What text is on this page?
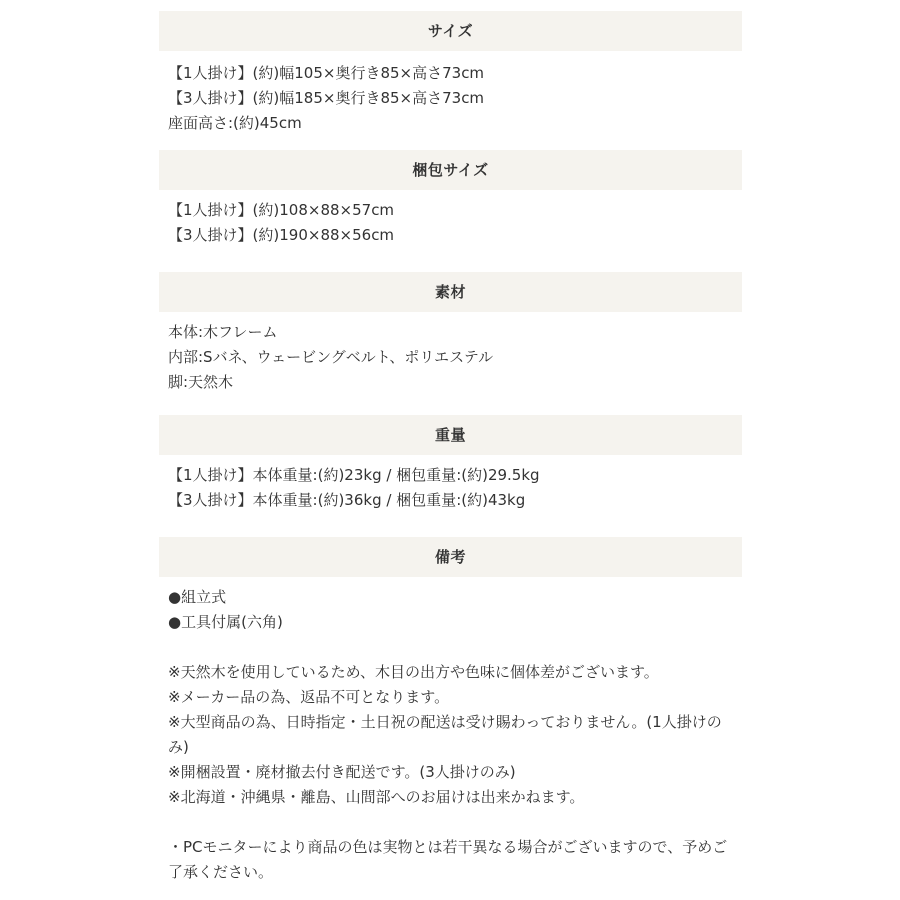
サイズ
【1人掛け】(約)幅105×奥行き85×高さ73cm
【3人掛け】(約)幅185×奥行き85×高さ73cm
座面高さ:(約)45cm
梱包サイズ
【1人掛け】(約)108×88×57cm
【3人掛け】(約)190×88×56cm
素材
本体:木フレーム
内部:Sバネ、ウェービングベルト、ポリエステル
脚:天然木
重量
【1人掛け】本体重量:(約)23kg / 梱包重量:(約)29.5kg
【3人掛け】本体重量:(約)36kg / 梱包重量:(約)43kg
備考
●組立式
●工具付属(六角)
※天然木を使用しているため、木目の出方や色味に個体差がございます。
※メーカー品の為、返品不可となります。
※大型商品の為、日時指定・土日祝の配送は受け賜わっておりません。(1人掛けのみ)
※開梱設置・廃材撤去付き配送です。(3人掛けのみ)
※北海道・沖縄県・離島、山間部へのお届けは出来かねます。
・PCモニターにより商品の色は実物とは若干異なる場合がございますので、予めご了承ください。
